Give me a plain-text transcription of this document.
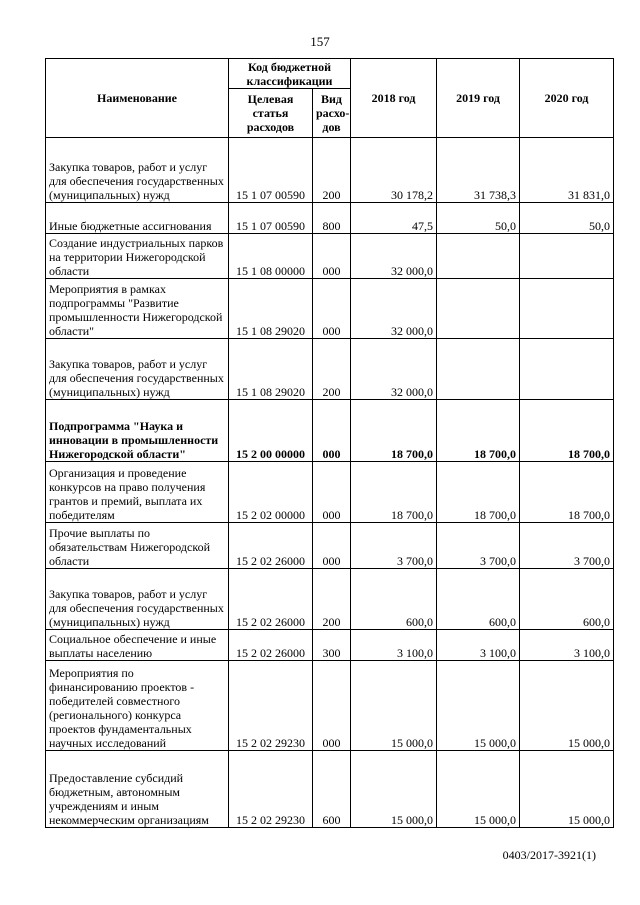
157
Наименование	Код бюджетной классификации		2018 год	2019 год	2020 год
	Целевая статья расходов	Вид расхо- дов			
Закупка товаров, работ и услуг для обеспечения государственных (муниципальных) нужд	15 1 07 00590	200	30 178,2	31 738,3	31 831,0
Иные бюджетные ассигнования	15 1 07 00590	800	47,5	50,0	50,0
Создание индустриальных парков на территории Нижегородской области	15 1 08 00000	000	32 000,0		
Мероприятия в рамках подпрограммы "Развитие промышленности Нижегородской области"	15 1 08 29020	000	32 000,0		
Закупка товаров, работ и услуг для обеспечения государственных (муниципальных) нужд	15 1 08 29020	200	32 000,0		
Подпрограмма "Наука и инновации в промышленности Нижегородской области"	15 2 00 00000	000	18 700,0	18 700,0	18 700,0
Организация и проведение конкурсов на право получения грантов и премий, выплата их победителям	15 2 02 00000	000	18 700,0	18 700,0	18 700,0
Прочие выплаты по обязательствам Нижегородской области	15 2 02 26000	000	3 700,0	3 700,0	3 700,0
Закупка товаров, работ и услуг для обеспечения государственных (муниципальных) нужд	15 2 02 26000	200	600,0	600,0	600,0
Социальное обеспечение и иные выплаты населению	15 2 02 26000	300	3 100,0	3 100,0	3 100,0
Мероприятия по финансированию проектов - победителей совместного (регионального) конкурса проектов фундаментальных научных исследований	15 2 02 29230	000	15 000,0	15 000,0	15 000,0
Предоставление субсидий бюджетным, автономным учреждениям и иным некоммерческим организациям	15 2 02 29230	600	15 000,0	15 000,0	15 000,0
0403/2017-3921(1)
